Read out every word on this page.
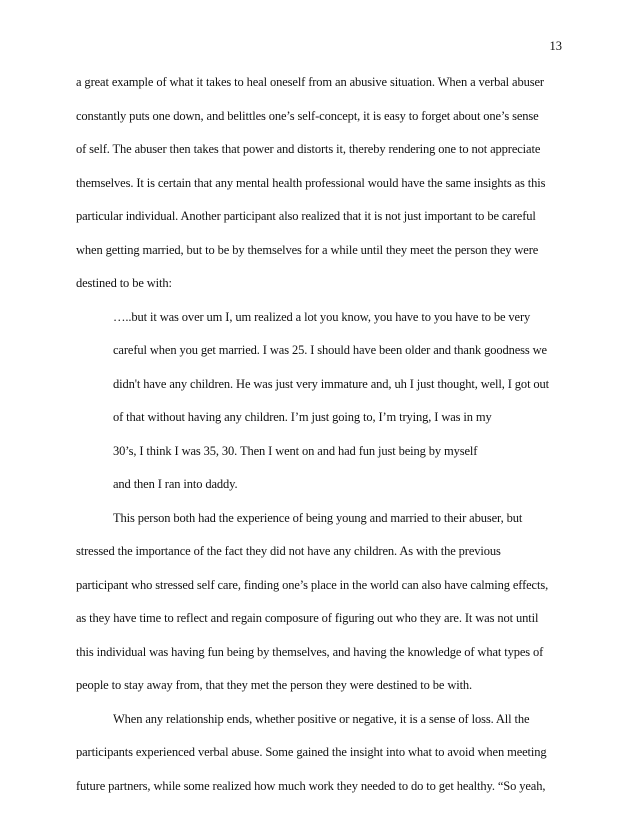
13
a great example of what it takes to heal oneself from an abusive situation. When a verbal abuser
constantly puts one down, and belittles one’s self-concept, it is easy to forget about one’s sense
of self. The abuser then takes that power and distorts it, thereby rendering one to not appreciate
themselves. It is certain that any mental health professional would have the same insights as this
particular individual. Another participant also realized that it is not just important to be careful
when getting married, but to be by themselves for a while until they meet the person they were
destined to be with:
…..but it was over um I, um realized a lot you know, you have to you have to be very
careful when you get married. I was 25. I should have been older and thank goodness we
didn't have any children. He was just very immature and, uh I just thought, well, I got out
of that without having any children. I’m just going to, I’m trying, I was in my
30’s, I think I was 35, 30. Then I went on and had fun just being by myself
and then I ran into daddy.
This person both had the experience of being young and married to their abuser, but
stressed the importance of the fact they did not have any children. As with the previous
participant who stressed self care, finding one’s place in the world can also have calming effects,
as they have time to reflect and regain composure of figuring out who they are. It was not until
this individual was having fun being by themselves, and having the knowledge of what types of
people to stay away from, that they met the person they were destined to be with.
When any relationship ends, whether positive or negative, it is a sense of loss. All the
participants experienced verbal abuse. Some gained the insight into what to avoid when meeting
future partners, while some realized how much work they needed to do to get healthy. “So yeah,
